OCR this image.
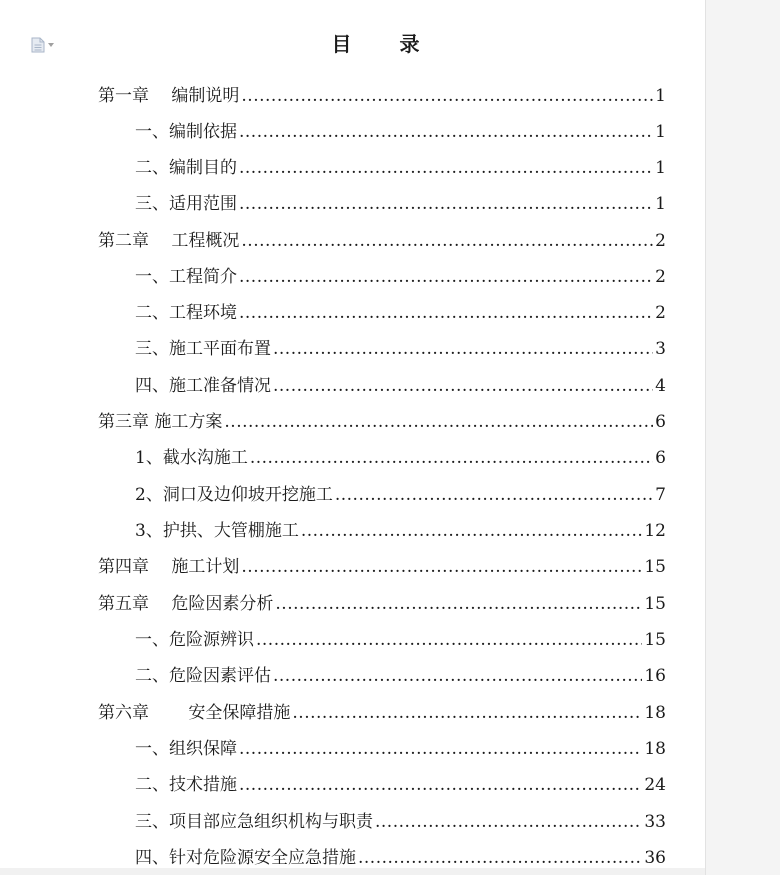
目　录
第一章　 编制说明 .....	1
一、编制依据 .....	1
二、编制目的 .....	1
三、适用范围 .....	1
第二章　 工程概况 .....	2
一、工程简介 .....	2
二、工程环境 .....	2
三、施工平面布置 .....	3
四、施工准备情况 .....	4
第三章 施工方案 .....	6
1、截水沟施工 .....	6
2、洞口及边仰坡开挖施工 .....	7
3、护拱、大管棚施工 .....	12
第四章　 施工计划 .....	15
第五章　 危险因素分析 .....	15
一、危险源辨识 .....	15
二、危险因素评估 .....	16
第六章　　 安全保障措施 .....	18
一、组织保障 .....	18
二、技术措施 .....	24
三、项目部应急组织机构与职责 .....	33
四、针对危险源安全应急措施 .....	36
